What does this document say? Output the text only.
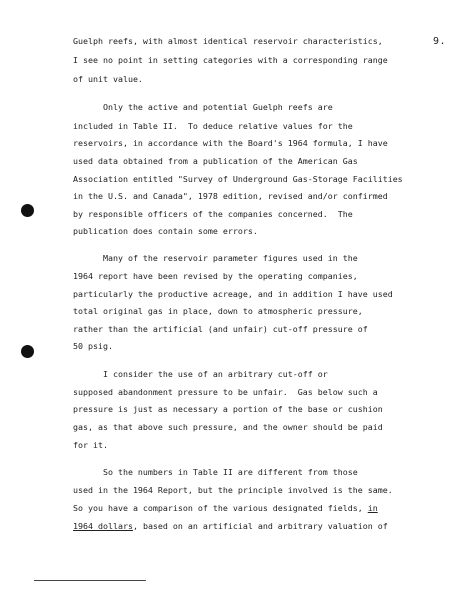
9.
Guelph reefs, with almost identical reservoir characteristics,
I see no point in setting categories with a corresponding range
of unit value.
Only the active and potential Guelph reefs are
included in Table II.  To deduce relative values for the
reservoirs, in accordance with the Board's 1964 formula, I have
used data obtained from a publication of the American Gas
Association entitled "Survey of Underground Gas-Storage Facilities
in the U.S. and Canada", 1978 edition, revised and/or confirmed
by responsible officers of the companies concerned.  The
publication does contain some errors.
Many of the reservoir parameter figures used in the
1964 report have been revised by the operating companies,
particularly the productive acreage, and in addition I have used
total original gas in place, down to atmospheric pressure,
rather than the artificial (and unfair) cut-off pressure of
50 psig.
I consider the use of an arbitrary cut-off or
supposed abandonment pressure to be unfair.  Gas below such a
pressure is just as necessary a portion of the base or cushion
gas, as that above such pressure, and the owner should be paid
for it.
So the numbers in Table II are different from those
used in the 1964 Report, but the principle involved is the same.
So you have a comparison of the various designated fields, in
1964 dollars, based on an artificial and arbitrary valuation of
